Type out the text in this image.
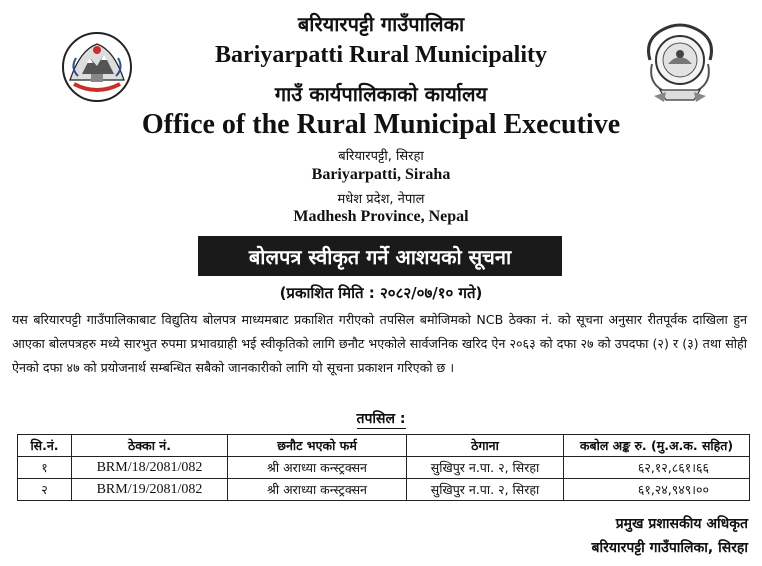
बरियारपट्टी गाउँपालिका
Bariyarpatti Rural Municipality
गाउँ कार्यपालिकाको कार्यालय
Office of the Rural Municipal Executive
बरियारपट्टी, सिरहा
Bariyarpatti, Siraha
मधेश प्रदेश, नेपाल
Madhesh Province, Nepal
बोलपत्र स्वीकृत गर्ने आशयको सूचना
(प्रकाशित मिति : २०८२/०७/१० गते)
यस बरियारपट्टी गाउँपालिकाबाट विद्युतिय बोलपत्र माध्यमबाट प्रकाशित गरीएको तपसिल बमोजिमको NCB ठेक्का नं. को सूचना अनुसार रीतपूर्वक दाखिला हुन आएका बोलपत्रहरु मध्ये सारभुत रुपमा प्रभावग्राही भई स्वीकृतिको लागि छनौट भएकोले सार्वजनिक खरिद ऐन २०६३ को दफा २७ को उपदफा (२) र (३) तथा सोही ऐनको दफा ४७ को प्रयोजनार्थ सम्बन्धित सबैको जानकारीको लागि यो सूचना प्रकाशन गरिएको छ ।
तपसिल :
सि.नं.	ठेक्का नं.	छनौट भएको फर्म	ठेगाना	कबोल अङ्क रु. (मु.अ.क. सहित)
१	BRM/18/2081/082	श्री अराध्या कन्स्ट्रक्सन	सुखिपुर न.पा. २, सिरहा	६२,१२,८६१।६६
२	BRM/19/2081/082	श्री अराध्या कन्स्ट्रक्सन	सुखिपुर न.पा. २, सिरहा	६१,२४,९४९।००
प्रमुख प्रशासकीय अधिकृत
बरियारपट्टी गाउँपालिका, सिरहा
